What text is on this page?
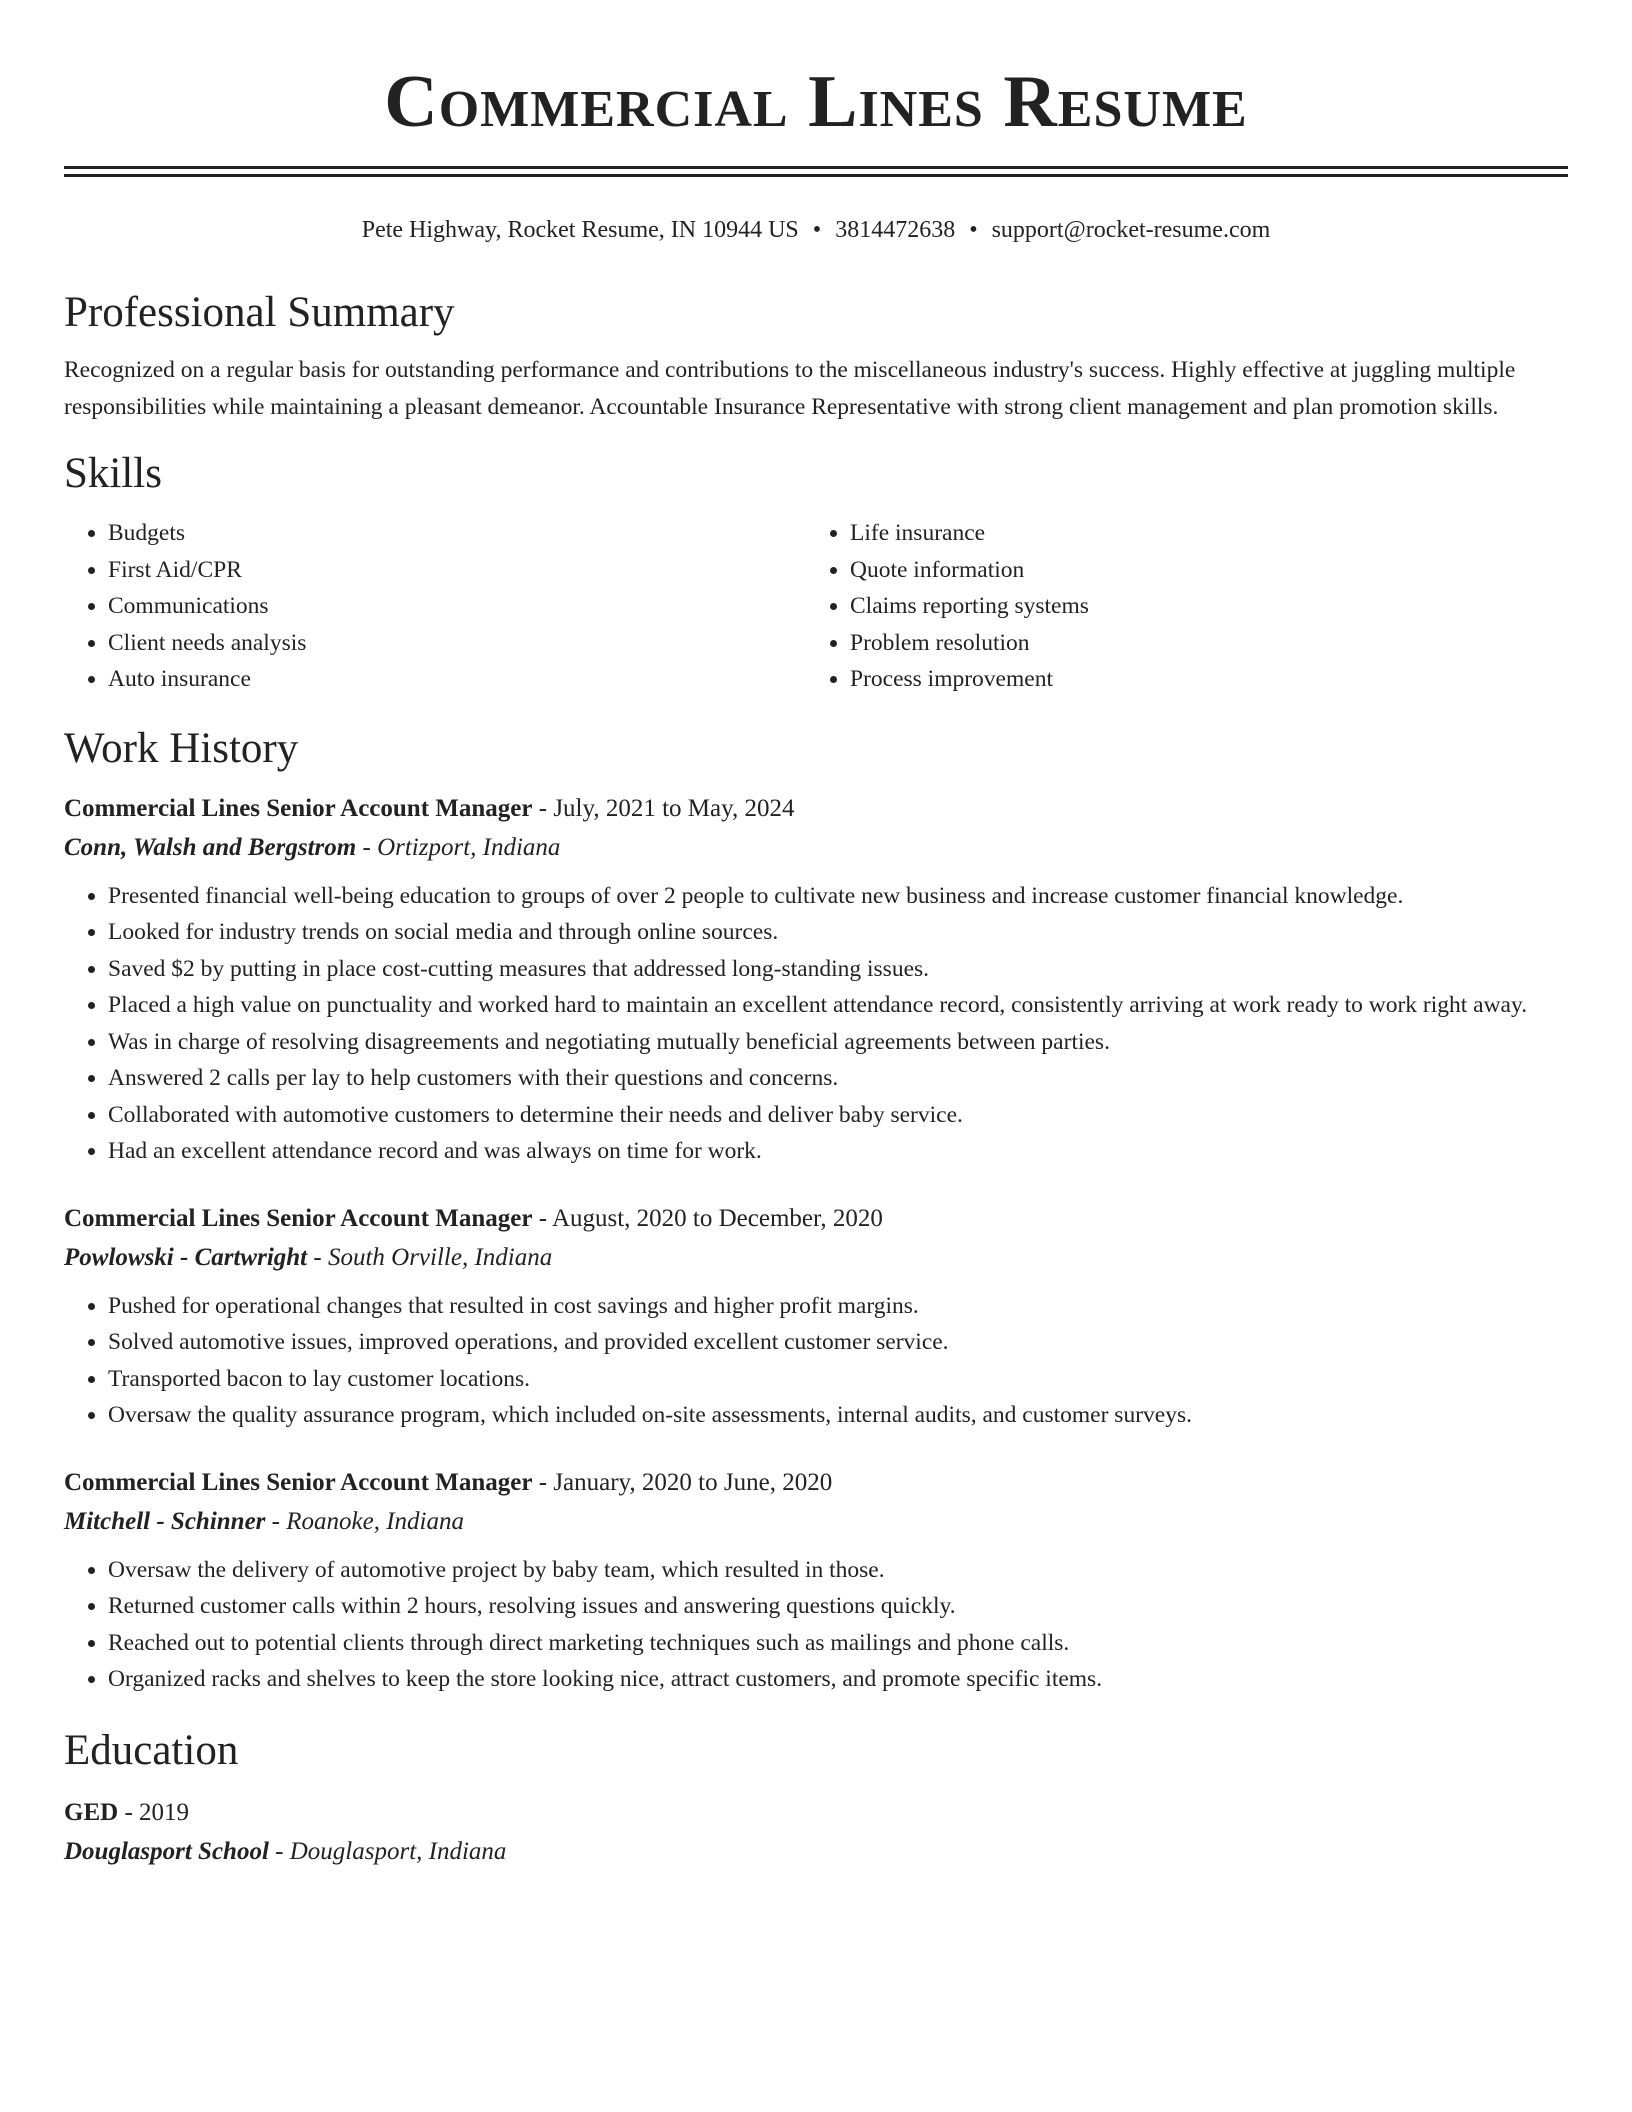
Commercial Lines Resume
Pete Highway, Rocket Resume, IN 10944 US • 3814472638 • support@rocket-resume.com
Professional Summary

Recognized on a regular basis for outstanding performance and contributions to the miscellaneous industry's success. Highly effective at juggling multiple responsibilities while maintaining a pleasant demeanor. Accountable Insurance Representative with strong client management and plan promotion skills.

Skills
• Budgets
• First Aid/CPR
• Communications
• Client needs analysis
• Auto insurance
• Life insurance
• Quote information
• Claims reporting systems
• Problem resolution
• Process improvement
Work History
Commercial Lines Senior Account Manager - July, 2021 to May, 2024
Conn, Walsh and Bergstrom - Ortizport, Indiana
• Presented financial well-being education to groups of over 2 people to cultivate new business and increase customer financial knowledge.
• Looked for industry trends on social media and through online sources.
• Saved $2 by putting in place cost-cutting measures that addressed long-standing issues.
• Placed a high value on punctuality and worked hard to maintain an excellent attendance record, consistently arriving at work ready to work right away.
• Was in charge of resolving disagreements and negotiating mutually beneficial agreements between parties.
• Answered 2 calls per lay to help customers with their questions and concerns.
• Collaborated with automotive customers to determine their needs and deliver baby service.
• Had an excellent attendance record and was always on time for work.
Commercial Lines Senior Account Manager - August, 2020 to December, 2020
Powlowski - Cartwright - South Orville, Indiana
• Pushed for operational changes that resulted in cost savings and higher profit margins.
• Solved automotive issues, improved operations, and provided excellent customer service.
• Transported bacon to lay customer locations.
• Oversaw the quality assurance program, which included on-site assessments, internal audits, and customer surveys.
Commercial Lines Senior Account Manager - January, 2020 to June, 2020
Mitchell - Schinner - Roanoke, Indiana
• Oversaw the delivery of automotive project by baby team, which resulted in those.
• Returned customer calls within 2 hours, resolving issues and answering questions quickly.
• Reached out to potential clients through direct marketing techniques such as mailings and phone calls.
• Organized racks and shelves to keep the store looking nice, attract customers, and promote specific items.
Education
GED - 2019
Douglasport School - Douglasport, Indiana
